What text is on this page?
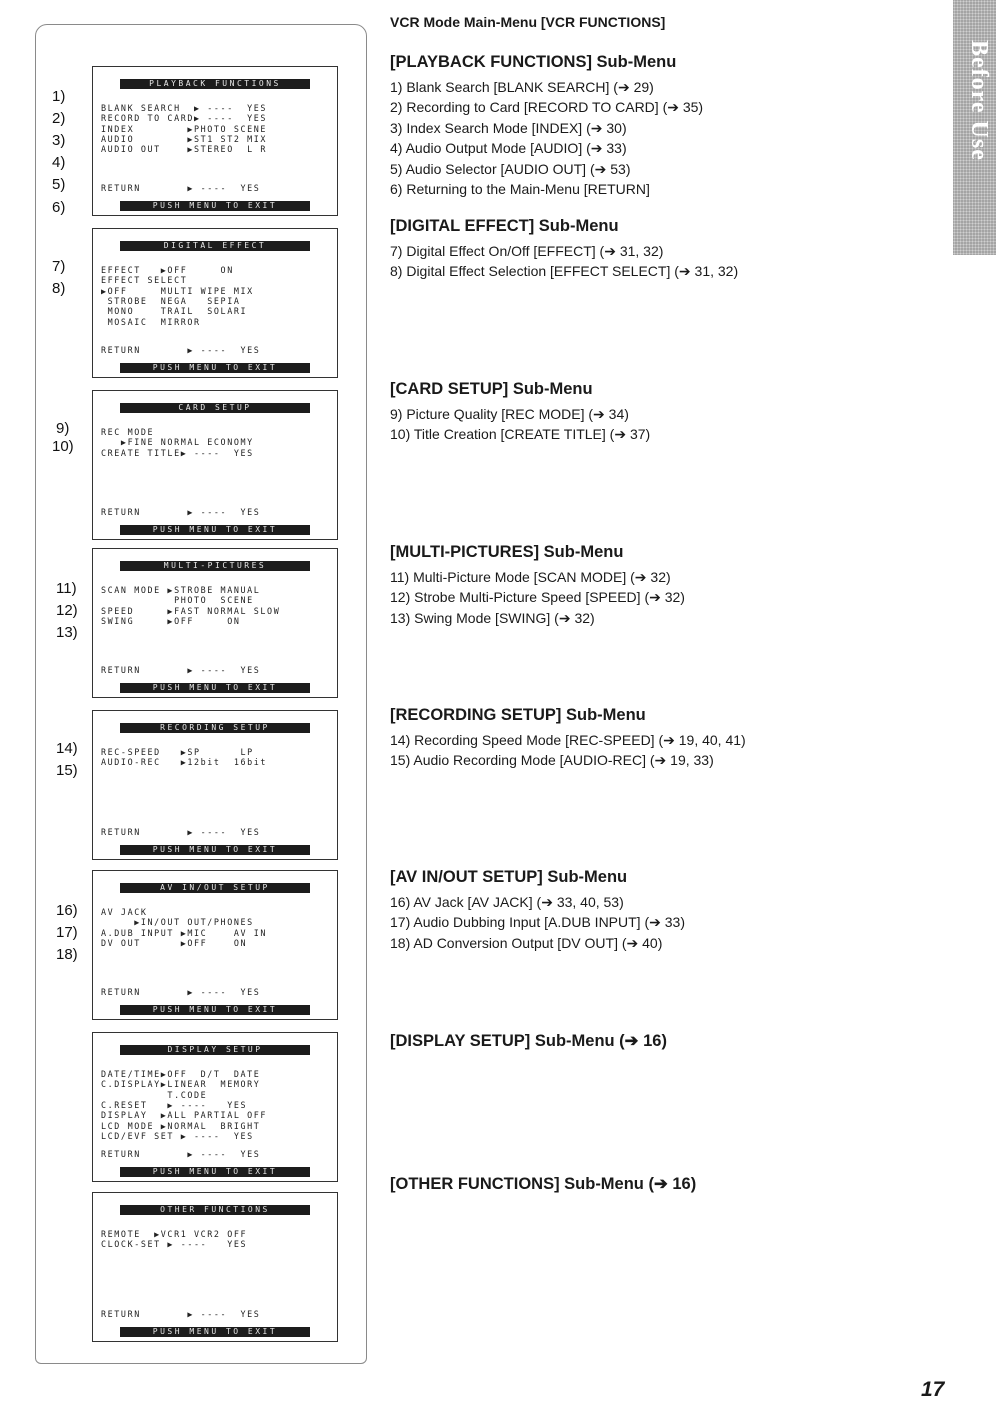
PLAYBACK FUNCTIONS
BLANK SEARCH  ▶ ----  YES
RECORD TO CARD▶ ----  YES
INDEX        ▶PHOTO SCENE
AUDIO        ▶ST1 ST2 MIX
AUDIO OUT    ▶STEREO  L R
RETURN       ▶ ----  YES
PUSH MENU TO EXIT
DIGITAL EFFECT
EFFECT   ▶OFF     ON
EFFECT SELECT
▶OFF     MULTI WIPE MIX
STROBE  NEGA   SEPIA
MONO    TRAIL  SOLARI
MOSAIC  MIRROR
RETURN       ▶ ----  YES
PUSH MENU TO EXIT
CARD SETUP
REC MODE
▶FINE NORMAL ECONOMY
CREATE TITLE▶ ----  YES
RETURN       ▶ ----  YES
PUSH MENU TO EXIT
MULTI-PICTURES
SCAN MODE ▶STROBE MANUAL
PHOTO  SCENE
SPEED     ▶FAST NORMAL SLOW
SWING     ▶OFF     ON
RETURN       ▶ ----  YES
PUSH MENU TO EXIT
RECORDING SETUP
REC-SPEED   ▶SP      LP
AUDIO-REC   ▶12bit  16bit
RETURN       ▶ ----  YES
PUSH MENU TO EXIT
AV IN/OUT SETUP
AV JACK
▶IN/OUT OUT/PHONES
A.DUB INPUT ▶MIC    AV IN
DV OUT      ▶OFF    ON
RETURN       ▶ ----  YES
PUSH MENU TO EXIT
DISPLAY SETUP
DATE/TIME▶OFF  D/T  DATE
C.DISPLAY▶LINEAR  MEMORY
T.CODE
C.RESET   ▶ ----   YES
DISPLAY  ▶ALL PARTIAL OFF
LCD MODE ▶NORMAL  BRIGHT
LCD/EVF SET ▶ ----  YES
RETURN       ▶ ----  YES
PUSH MENU TO EXIT
OTHER FUNCTIONS
REMOTE  ▶VCR1 VCR2 OFF
CLOCK-SET ▶ ----   YES
RETURN       ▶ ----  YES
PUSH MENU TO EXIT
1)
2)
3)
4)
5)
6)
7)
8)
9)
10)
11)
12)
13)
14)
15)
16)
17)
18)
VCR Mode Main-Menu [VCR FUNCTIONS]
[PLAYBACK FUNCTIONS] Sub-Menu
1) Blank Search [BLANK SEARCH] (➔ 29)
2) Recording to Card [RECORD TO CARD] (➔ 35)
3) Index Search Mode [INDEX] (➔ 30)
4) Audio Output Mode [AUDIO] (➔ 33)
5) Audio Selector [AUDIO OUT] (➔ 53)
6) Returning to the Main-Menu [RETURN]
[DIGITAL EFFECT] Sub-Menu
7) Digital Effect On/Off [EFFECT] (➔ 31, 32)
8) Digital Effect Selection [EFFECT SELECT] (➔ 31, 32)
[CARD SETUP] Sub-Menu
9) Picture Quality [REC MODE] (➔ 34)
10) Title Creation [CREATE TITLE] (➔ 37)
[MULTI-PICTURES] Sub-Menu
11) Multi-Picture Mode [SCAN MODE] (➔ 32)
12) Strobe Multi-Picture Speed [SPEED] (➔ 32)
13) Swing Mode [SWING] (➔ 32)
[RECORDING SETUP] Sub-Menu
14) Recording Speed Mode [REC-SPEED] (➔ 19, 40, 41)
15) Audio Recording Mode [AUDIO-REC] (➔ 19, 33)
[AV IN/OUT SETUP] Sub-Menu
16) AV Jack [AV JACK] (➔ 33, 40, 53)
17) Audio Dubbing Input [A.DUB INPUT] (➔ 33)
18) AD Conversion Output [DV OUT] (➔ 40)
[DISPLAY SETUP] Sub-Menu (➔ 16)
[OTHER FUNCTIONS] Sub-Menu (➔ 16)
Before Use
17
